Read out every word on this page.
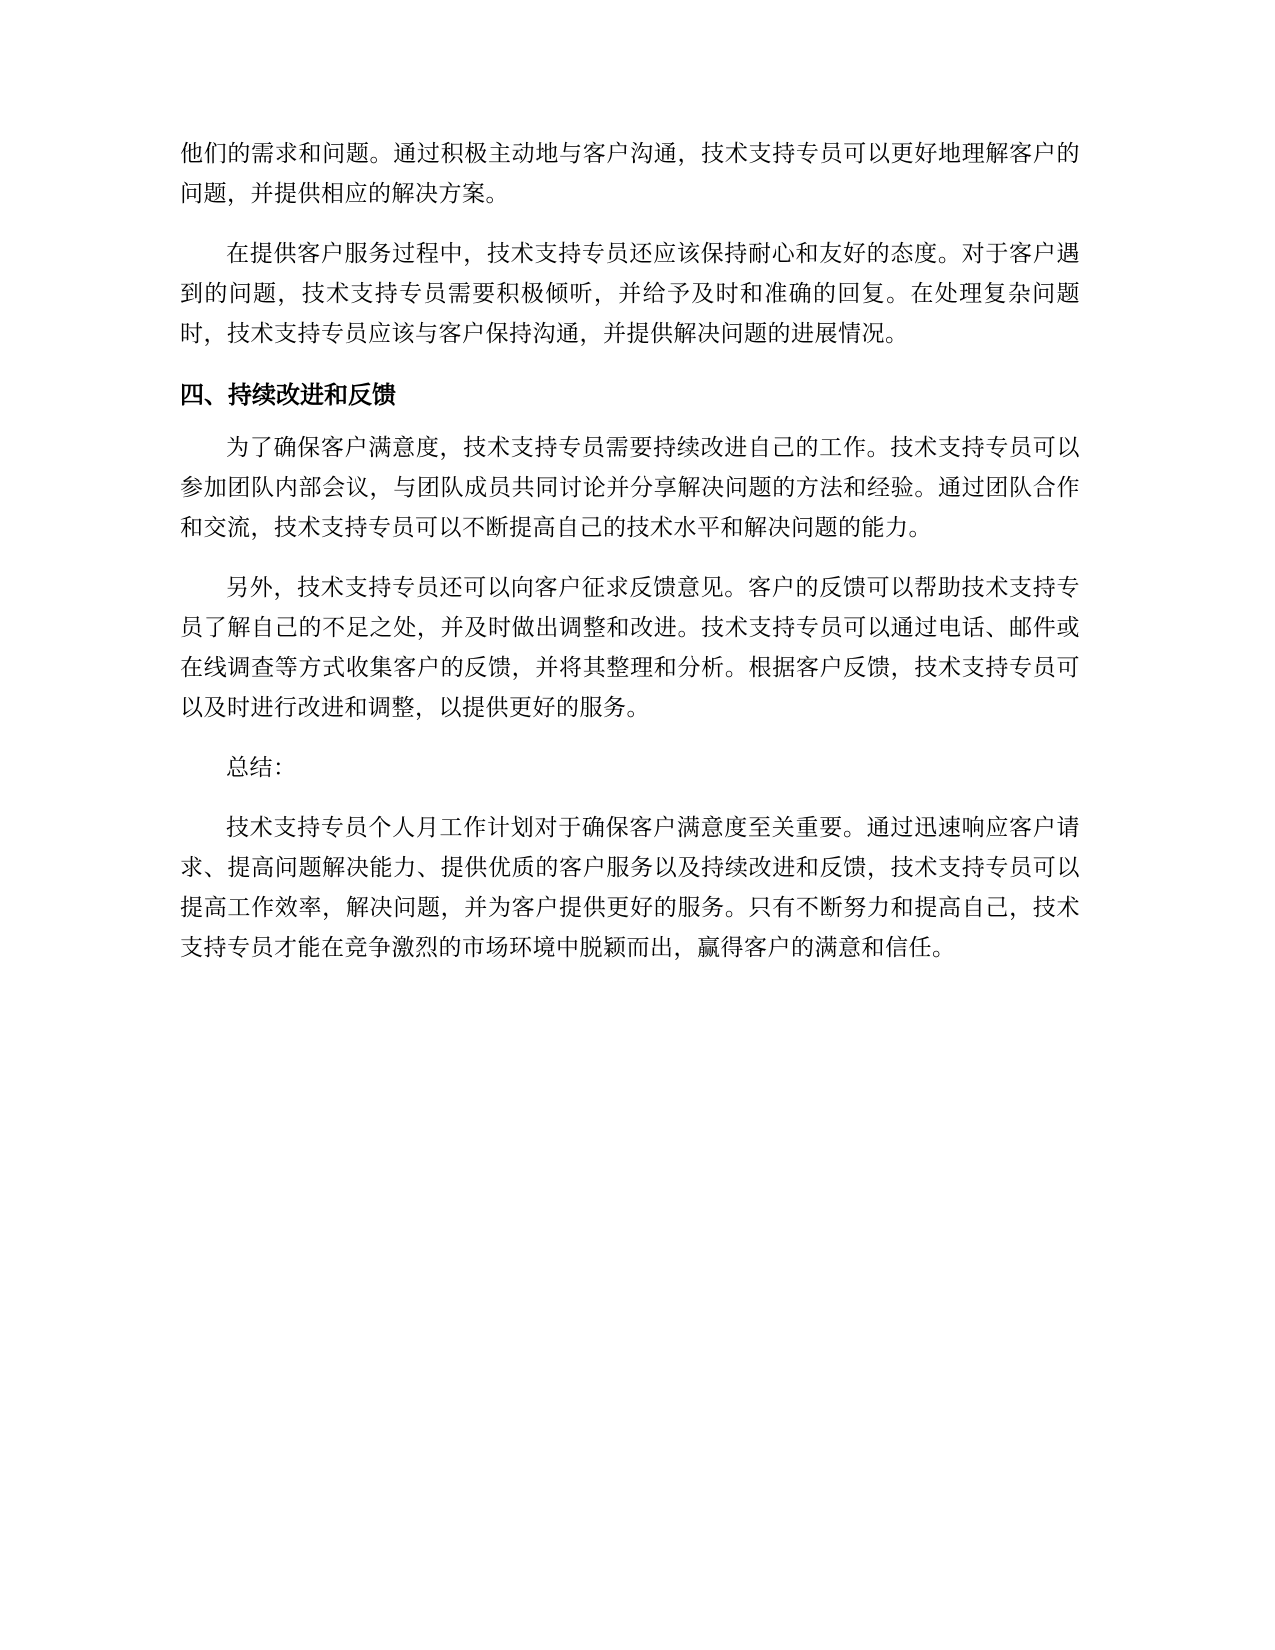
他们的需求和问题。通过积极主动地与客户沟通，技术支持专员可以更好地理解客户的问题，并提供相应的解决方案。

在提供客户服务过程中，技术支持专员还应该保持耐心和友好的态度。对于客户遇到的问题，技术支持专员需要积极倾听，并给予及时和准确的回复。在处理复杂问题时，技术支持专员应该与客户保持沟通，并提供解决问题的进展情况。

四、持续改进和反馈

为了确保客户满意度，技术支持专员需要持续改进自己的工作。技术支持专员可以参加团队内部会议，与团队成员共同讨论并分享解决问题的方法和经验。通过团队合作和交流，技术支持专员可以不断提高自己的技术水平和解决问题的能力。

另外，技术支持专员还可以向客户征求反馈意见。客户的反馈可以帮助技术支持专员了解自己的不足之处，并及时做出调整和改进。技术支持专员可以通过电话、邮件或在线调查等方式收集客户的反馈，并将其整理和分析。根据客户反馈，技术支持专员可以及时进行改进和调整，以提供更好的服务。

总结：

技术支持专员个人月工作计划对于确保客户满意度至关重要。通过迅速响应客户请求、提高问题解决能力、提供优质的客户服务以及持续改进和反馈，技术支持专员可以提高工作效率，解决问题，并为客户提供更好的服务。只有不断努力和提高自己，技术支持专员才能在竞争激烈的市场环境中脱颖而出，赢得客户的满意和信任。
